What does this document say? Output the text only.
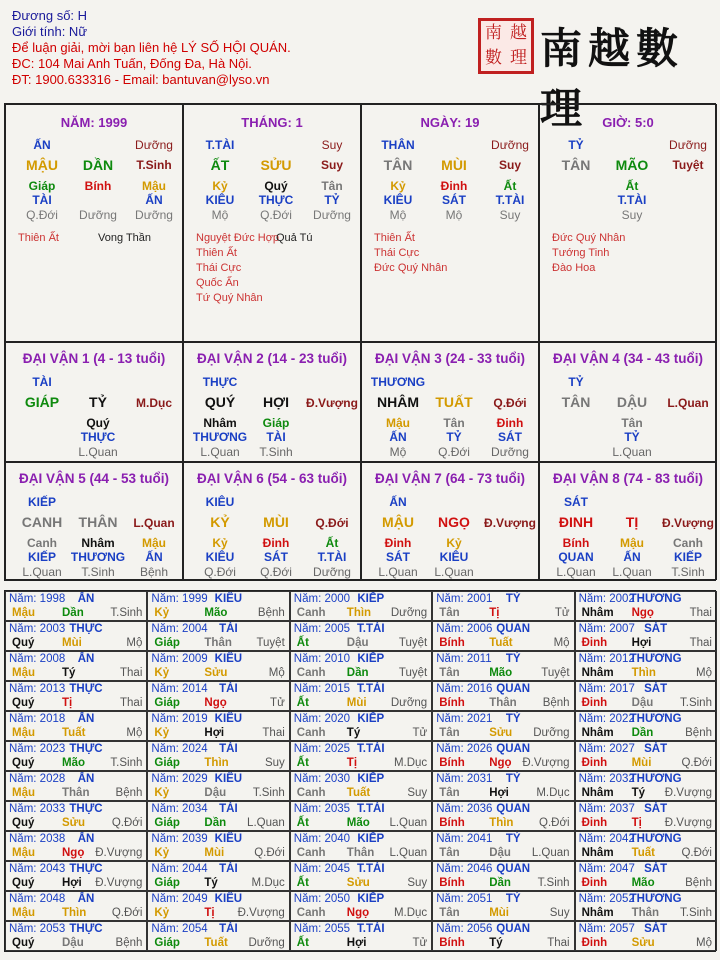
Đương số: H
Giới tính: Nữ
Để luận giải, mời bạn liên hệ LÝ SỐ HỘI QUÁN.
ĐC: 104 Mai Anh Tuấn, Đống Đa, Hà Nội.
ĐT: 1900.633316 - Email: bantuvan@lyso.vn
南 越
數 理 南越數理
NĂM: 1999
ẤN	Dưỡng
MẬU	DẦN	T.Sinh
Giáp
TÀI
Q.Đới
Bính
Dưỡng
Mậu
ẤN
Dưỡng
Thiên Ất	Vong Thần
THÁNG: 1
T.TÀI	Suy
ẤT	SỬU	Suy
Kỷ
KIÊU
Mộ
Quý
THỰC
Q.Đới
Tân
TỶ
Dưỡng
Nguyệt Đức Hợp
Quả Tú
Thiên Ất
Thái Cực
Quốc Ấn
Tứ Quý Nhân
NGÀY: 19
THÂN	Dưỡng
TÂN	MÙI	Suy
Kỷ
KIÊU
Mộ
Đinh
SÁT
Mộ
Ất
T.TÀI
Suy
Thiên Ất
Thái Cực
Đức Quý Nhân
GIỜ: 5:0
TỶ	Dưỡng
TÂN	MÃO	Tuyệt
Ất
T.TÀI
Suy
Đức Quý Nhân
Tướng Tinh
Đào Hoa
ĐẠI VẬN 1 (4 - 13 tuổi)
TÀI
GIÁP	TỶ	M.Dục
Quý
THỰC
L.Quan
ĐẠI VẬN 2 (14 - 23 tuổi)
THỰC
QUÝ	HỢI	Đ.Vượng
Nhâm
THƯƠNG
L.Quan
Giáp
TÀI
T.Sinh
ĐẠI VẬN 3 (24 - 33 tuổi)
THƯƠNG
NHÂM	TUẤT	Q.Đới
Mậu
ẤN
Mộ
Tân
TỶ
Q.Đới
Đinh
SÁT
Dưỡng
ĐẠI VẬN 4 (34 - 43 tuổi)
TỶ
TÂN	DẬU	L.Quan
Tân
TỶ
L.Quan
ĐẠI VẬN 5 (44 - 53 tuổi)
KIẾP
CANH	THÂN	L.Quan
Canh
KIẾP
L.Quan
Nhâm
THƯƠNG
T.Sinh
Mậu
ẤN
Bệnh
ĐẠI VẬN 6 (54 - 63 tuổi)
KIÊU
KỶ	MÙI	Q.Đới
Kỷ
KIÊU
Q.Đới
Đinh
SÁT
Q.Đới
Ất
T.TÀI
Dưỡng
ĐẠI VẬN 7 (64 - 73 tuổi)
ẤN
MẬU	NGỌ	Đ.Vượng
Đinh
SÁT
L.Quan
Kỷ
KIÊU
L.Quan
ĐẠI VẬN 8 (74 - 83 tuổi)
SÁT
ĐINH	TỊ	Đ.Vượng
Bính
QUAN
L.Quan
Mậu
ẤN
L.Quan
Canh
KIẾP
T.Sinh
Năm: 1998	ẤN
Mậu Dần T.Sinh
Năm: 1999 KIÊU
Kỷ	Mão	Bệnh
Năm: 2000 KIẾP
Canh Thìn Dưỡng
Năm: 2001	TỶ
Tân	Tị	Tử
Năm: 2002
THƯƠNG
Nhâm Ngọ	Thai
Năm: 2003 THỰC
Quý Mùi	Mộ
Năm: 2004 TÀI
Giáp Thân Tuyệt
Năm: 2005 T.TÀI
Ất	Dậu	Tuyệt
Năm: 2006 QUAN
Bính Tuất	Mộ
Năm: 2007 SÁT
Đinh Hợi	Thai
Năm: 2008	ẤN
Mậu Tý	Thai
Năm: 2009 KIÊU
Kỷ	Sửu	Mộ
Năm: 2010 KIẾP
Canh Dần	Tuyệt
Năm: 2011	TỶ
Tân	Mão	Tuyệt
Năm: 2012
THƯƠNG
Nhâm Thìn	Mộ
Năm: 2013 THỰC
Quý Tị	Thai
Năm: 2014 TÀI
Giáp Ngọ	Tử
Năm: 2015 T.TÀI
Ất	Mùi Dưỡng
Năm: 2016 QUAN
Bính Thân Bệnh
Năm: 2017 SÁT
Đinh Dậu T.Sinh
Năm: 2018	ẤN
Mậu Tuất	Mộ
Năm: 2019 KIÊU
Kỷ	Hợi	Thai
Năm: 2020 KIẾP
Canh Tý	Tử
Năm: 2021	TỶ
Tân	Sửu Dưỡng
Năm: 2022
THƯƠNG
Nhâm Dần	Bệnh
Năm: 2023 THỰC
Quý Mão T.Sinh
Năm: 2024 TÀI
Giáp Thìn	Suy
Năm: 2025 T.TÀI
Ất	Tị	M.Dục
Năm: 2026 QUAN
Bính Ngọ Đ.Vượng
Năm: 2027 SÁT
Đinh Mùi	Q.Đới
Năm: 2028	ẤN
Mậu Thân Bệnh
Năm: 2029 KIÊU
Kỷ	Dậu T.Sinh
Năm: 2030 KIẾP
Canh Tuất	Suy
Năm: 2031	TỶ
Tân	Hợi M.Dục
Năm: 2032
THƯƠNG
Nhâm Tý Đ.Vượng
Năm: 2033 THỰC
Quý Sửu Q.Đới
Năm: 2034 TÀI
Giáp Dần L.Quan
Năm: 2035 T.TÀI
Ất	Mão L.Quan
Năm: 2036 QUAN
Bính Thìn Q.Đới
Năm: 2037 SÁT
Đinh Tị Đ.Vượng
Năm: 2038	ẤN
Mậu Ngọ Đ.Vượng
Năm: 2039 KIÊU
Kỷ	Mùi	Q.Đới
Năm: 2040 KIẾP
Canh Thân L.Quan
Năm: 2041	TỶ
Tân	Dậu L.Quan
Năm: 2042
THƯƠNG
Nhâm Tuất Q.Đới
Năm: 2043 THỰC
Quý Hợi Đ.Vượng
Năm: 2044 TÀI
Giáp Tý	M.Dục
Năm: 2045 T.TÀI
Ất	Sửu	Suy
Năm: 2046 QUAN
Bính Dần T.Sinh
Năm: 2047 SÁT
Đinh Mão	Bệnh
Năm: 2048	ẤN
Mậu Thìn Q.Đới
Năm: 2049 KIÊU
Kỷ	Tị Đ.Vượng
Năm: 2050 KIẾP
Canh Ngọ M.Dục
Năm: 2051	TỶ
Tân	Mùi	Suy
Năm: 2052
THƯƠNG
Nhâm Thân T.Sinh
Năm: 2053 THỰC
Quý Dậu	Bệnh
Năm: 2054 TÀI
Giáp Tuất Dưỡng
Năm: 2055 T.TÀI
Ất	Hợi	Tử
Năm: 2056 QUAN
Bính Tý	Thai
Năm: 2057 SÁT
Đinh Sửu	Mộ
